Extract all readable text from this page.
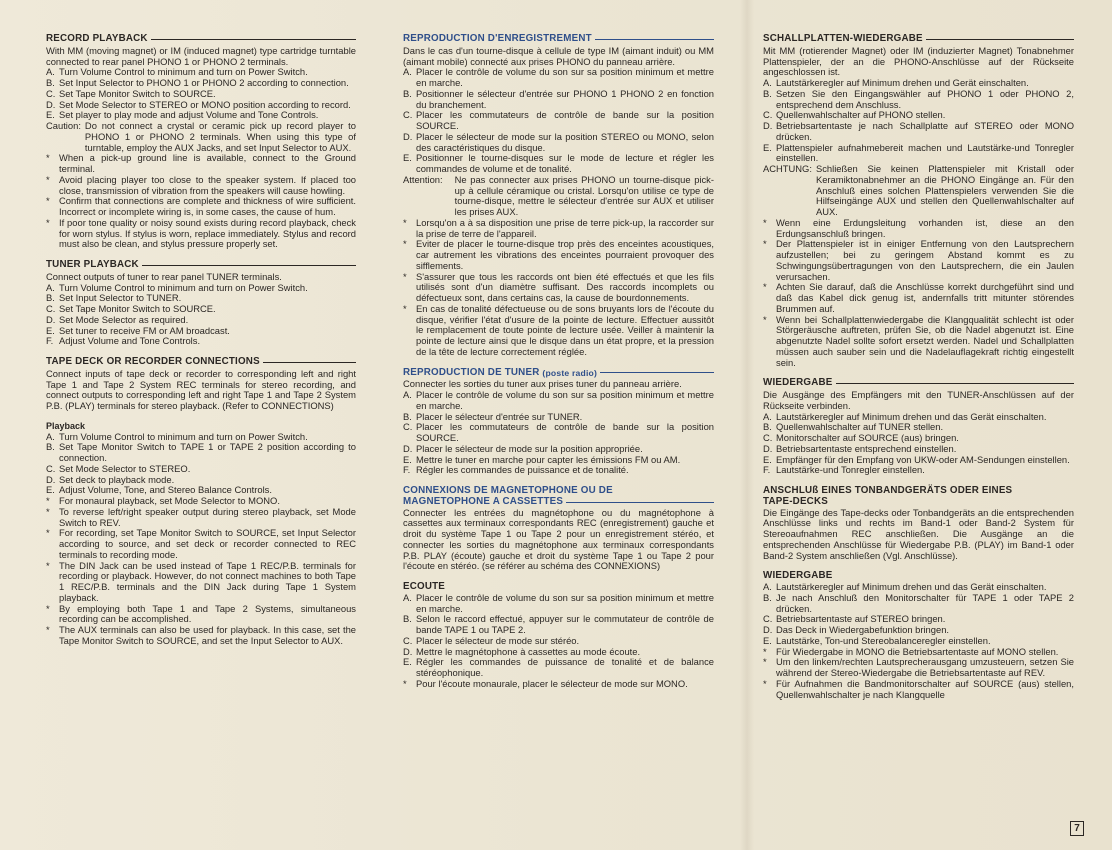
RECORD PLAYBACK
With MM (moving magnet) or IM (induced magnet) type cartridge turntable connected to rear panel PHONO 1 or PHONO 2 terminals.
A. Turn Volume Control to minimum and turn on Power Switch.
B. Set Input Selector to PHONO 1 or PHONO 2 according to connection.
C. Set Tape Monitor Switch to SOURCE.
D. Set Mode Selector to STEREO or MONO position according to record.
E. Set player to play mode and adjust Volume and Tone Controls.
Caution: Do not connect a crystal or ceramic pick up record player to PHONO 1 or PHONO 2 terminals. When using this type of turntable, employ the AUX Jacks, and set Input Selector to AUX.
* When a pick-up ground line is available, connect to the Ground terminal.
* Avoid placing player too close to the speaker system. If placed too close, transmission of vibration from the speakers will cause howling.
* Confirm that connections are complete and thickness of wire sufficient. Incorrect or incomplete wiring is, in some cases, the cause of hum.
* If poor tone quality or noisy sound exists during record playback, check for worn stylus. If stylus is worn, replace immediately. Stylus and record must also be clean, and stylus pressure properly set.
TUNER PLAYBACK
Connect outputs of tuner to rear panel TUNER terminals.
A. Turn Volume Control to minimum and turn on Power Switch.
B. Set Input Selector to TUNER.
C. Set Tape Monitor Switch to SOURCE.
D. Set Mode Selector as required.
E. Set tuner to receive FM or AM broadcast.
F. Adjust Volume and Tone Controls.
TAPE DECK OR RECORDER CONNECTIONS
Connect inputs of tape deck or recorder to corresponding left and right Tape 1 and Tape 2 System REC terminals for stereo recording, and connect outputs to corresponding left and right Tape 1 and Tape 2 System P.B. (PLAY) terminals for stereo playback. (Refer to CONNECTIONS)
Playback
A. Turn Volume Control to minimum and turn on Power Switch.
B. Set Tape Monitor Switch to TAPE 1 or TAPE 2 position according to connection.
C. Set Mode Selector to STEREO.
D. Set deck to playback mode.
E. Adjust Volume, Tone, and Stereo Balance Controls.
* For monaural playback, set Mode Selector to MONO.
* To reverse left/right speaker output during stereo playback, set Mode Switch to REV.
* For recording, set Tape Monitor Switch to SOURCE, set Input Selector according to source, and set deck or recorder connected to REC terminals to recording mode.
* The DIN Jack can be used instead of Tape 1 REC/P.B. terminals for recording or playback. However, do not connect machines to both Tape 1 REC/P.B. terminals and the DIN Jack during Tape 1 System playback.
* By employing both Tape 1 and Tape 2 Systems, simultaneous recording can be accomplished.
* The AUX terminals can also be used for playback. In this case, set the Tape Monitor Switch to SOURCE, and set the Input Selector to AUX.
REPRODUCTION D'ENREGISTREMENT
Dans le cas d'un tourne-disque à cellule de type IM (aimant induit) ou MM (aimant mobile) connecté aux prises PHONO du panneau arrière.
A. Placer le contrôle de volume du son sur sa position minimum et mettre en marche.
B. Positionner le sélecteur d'entrée sur PHONO 1 PHONO 2 en fonction du branchement.
C. Placer les commutateurs de contrôle de bande sur la position SOURCE.
D. Placer le sélecteur de mode sur la position STEREO ou MONO, selon des caractéristiques du disque.
E. Positionner le tourne-disques sur le mode de lecture et régler les commandes de volume et de tonalité.
Attention:	Ne pas connecter aux prises PHONO un tourne-disque pick-up à cellule céramique ou cristal. Lorsqu'on utilise ce type de tourne-disque, mettre le sélecteur d'entrée sur AUX et utiliser les prises AUX.
* Lorsqu'on a à sa disposition une prise de terre pick-up, la raccorder sur la prise de terre de l'appareil.
* Eviter de placer le tourne-disque trop près des enceintes acoustiques, car autrement les vibrations des enceintes pourraient provoquer des sifflements.
* S'assurer que tous les raccords ont bien été effectués et que les fils utilisés sont d'un diamètre suffisant. Des raccords incomplets ou défectueux sont, dans certains cas, la cause de bourdonnements.
* En cas de tonalité défectueuse ou de sons bruyants lors de l'écoute du disque, vérifier l'état d'usure de la pointe de lecture. Effectuer aussitôt le remplacement de toute pointe de lecture usée. Veiller à maintenir la pointe de lecture ainsi que le disque dans un état propre, et la pression de la tête de lecture correctement réglée.
REPRODUCTION DE TUNER
(poste radio)
Connecter les sorties du tuner aux prises tuner du panneau arrière.
A. Placer le contrôle de volume du son sur sa position minimum et mettre en marche.
B. Placer le sélecteur d'entrée sur TUNER.
C. Placer les commutateurs de contrôle de bande sur la position SOURCE.
D. Placer le sélecteur de mode sur la position appropriée.
E. Mettre le tuner en marche pour capter les émissions FM ou AM.
F. Régler les commandes de puissance et de tonalité.
CONNEXIONS DE MAGNETOPHONE OU DE
MAGNETOPHONE A CASSETTES
Connecter les entrées du magnétophone ou du magnétophone à cassettes aux terminaux correspondants REC (enregistrement) gauche et droit du système Tape 1 ou Tape 2 pour un enregistrement stéréo, et connecter les sorties du magnétophone aux terminaux correspondants P.B. PLAY (écoute) gauche et droit du système Tape 1 ou Tape 2 pour l'écoute en stéréo. (se référer au schéma des CONNEXIONS)
ECOUTE
A. Placer le contrôle de volume du son sur sa position minimum et mettre en marche.
B. Selon le raccord effectué, appuyer sur le commutateur de contrôle de bande TAPE 1 ou TAPE 2.
C. Placer le sélecteur de mode sur stéréo.
D. Mettre le magnétophone à cassettes au mode écoute.
E. Régler les commandes de puissance de tonalité et de balance stéréophonique.
* Pour l'écoute monaurale, placer le sélecteur de mode sur MONO.
SCHALLPLATTEN-WIEDERGABE
Mit MM (rotierender Magnet) oder IM (induzierter Magnet) Tonabnehmer Plattenspieler, der an die PHONO-Anschlüsse auf der Rückseite angeschlossen ist.
A. Lautstärkeregler auf Minimum drehen und Gerät einschalten.
B. Setzen Sie den Eingangswähler auf PHONO 1 oder PHONO 2, entsprechend dem Anschluss.
C. Quellenwahlschalter auf PHONO stellen.
D. Betriebsartentaste je nach Schallplatte auf STEREO oder MONO drücken.
E. Plattenspieler aufnahmebereit machen und Lautstärke-und Tonregler einstellen.
ACHTUNG: Schließen Sie keinen Plattenspieler mit Kristall oder Keramiktonabnehmer an die PHONO Eingänge an. Für den Anschluß eines solchen Plattenspielers verwenden Sie die Hilfseingänge AUX und stellen den Quellenwahlschalter auf AUX.
* Wenn eine Erdungsleitung vorhanden ist, diese an den Erdungsanschluß bringen.
* Der Plattenspieler ist in einiger Entfernung von den Lautsprechern aufzustellen; bei zu geringem Abstand kommt es zu Schwingungsübertragungen von den Lautsprechern, die ein Jaulen verursachen.
* Achten Sie darauf, daß die Anschlüsse korrekt durchgeführt sind und daß das Kabel dick genug ist, andernfalls tritt mitunter störendes Brummen auf.
* Wenn bei Schallplattenwiedergabe die Klangqualität schlecht ist oder Störgeräusche auftreten, prüfen Sie, ob die Nadel abgenutzt ist. Eine abgenutzte Nadel sollte sofort ersetzt werden. Nadel und Schallplatten müssen auch sauber sein und die Nadelauflagekraft richtig eingestellt sein.
WIEDERGABE
Die Ausgänge des Empfängers mit den TUNER-Anschlüssen auf der Rückseite verbinden.
A. Lautstärkeregler auf Minimum drehen und das Gerät einschalten.
B. Quellenwahlschalter auf TUNER stellen.
C. Monitorschalter auf SOURCE (aus) bringen.
D. Betriebsartentaste entsprechend einstellen.
E. Empfänger für den Empfang von UKW-oder AM-Sendungen einstellen.
F. Lautstärke-und Tonregler einstellen.
ANSCHLUß EINES TONBANDGERÄTS ODER EINES
TAPE-DECKS
Die Eingänge des Tape-decks oder Tonbandgeräts an die entsprechenden Anschlüsse links und rechts im Band-1 oder Band-2 System für Stereoaufnahmen REC anschließen. Die Ausgänge an die entsprechenden Anschlüsse für Wiedergabe P.B. (PLAY) im Band-1 oder Band-2 System anschließen (Vgl. Anschlüsse).
WIEDERGABE
A. Lautstärkeregler auf Minimum drehen und das Gerät einschalten.
B. Je nach Anschluß den Monitorschalter für TAPE 1 oder TAPE 2 drücken.
C. Betriebsartentaste auf STEREO bringen.
D. Das Deck in Wiedergabefunktion bringen.
E. Lautstärke, Ton-und Stereobalanceregler einstellen.
* Für Wiedergabe in MONO die Betriebsartentaste auf MONO stellen.
* Um den linkem/rechten Lautsprecherausgang umzusteuern, setzen Sie während der Stereo-Wiedergabe die Betriebsartentaste auf REV.
* Für Aufnahmen die Bandmonitorschalter auf SOURCE (aus) stellen, Quellenwahlschalter je nach Klangquelle
7
